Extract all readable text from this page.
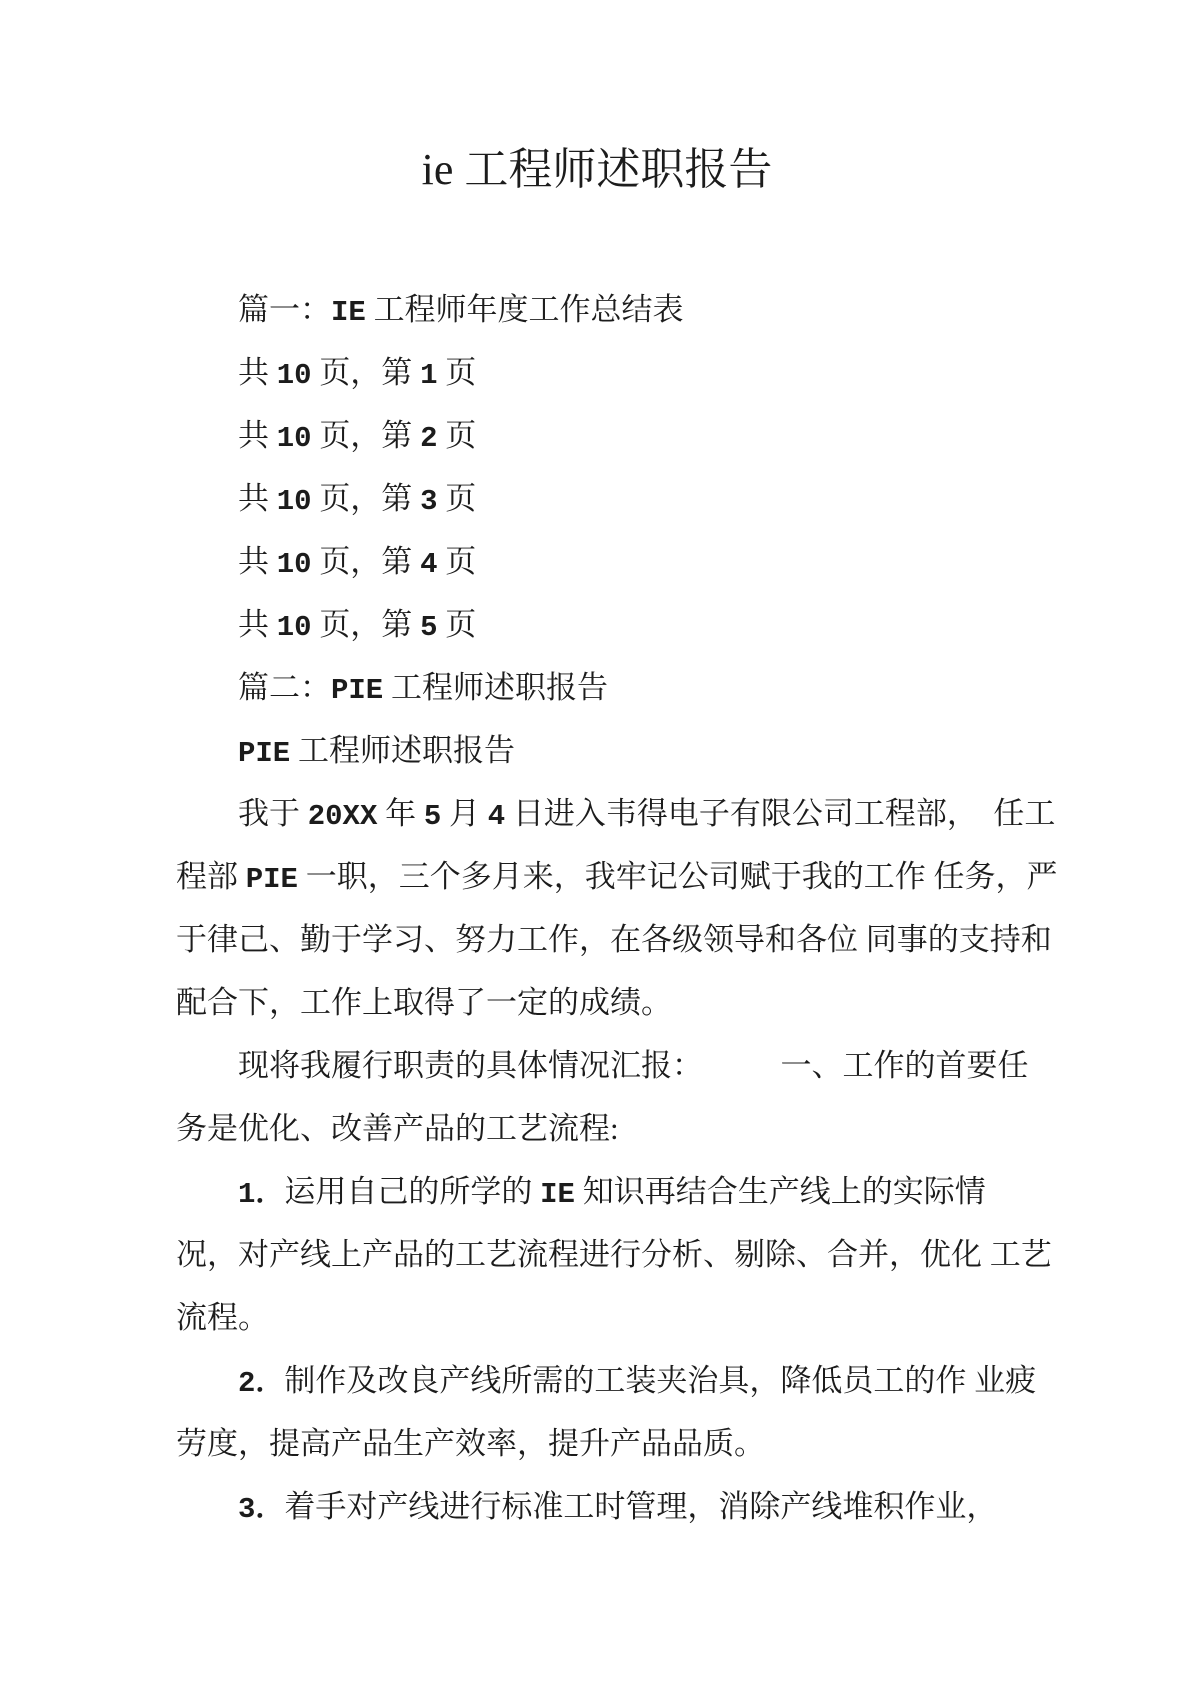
ie 工程师述职报告
篇一：IE 工程师年度工作总结表
共 10 页，第 1 页
共 10 页，第 2 页
共 10 页，第 3 页
共 10 页，第 4 页
共 10 页，第 5 页
篇二：PIE 工程师述职报告
PIE 工程师述职报告
我于 20XX 年 5 月 4 日进入韦得电子有限公司工程部，　任工
程部 PIE 一职，三个多月来，我牢记公司赋于我的工作 任务，严
于律己、勤于学习、努力工作，在各级领导和各位 同事的支持和
配合下，工作上取得了一定的成绩。
现将我履行职责的具体情况汇报：　　　一、工作的首要任
务是优化、改善产品的工艺流程:
1．运用自己的所学的 IE 知识再结合生产线上的实际情
况，对产线上产品的工艺流程进行分析、剔除、合并，优化 工艺
流程。
2．制作及改良产线所需的工装夹治具，降低员工的作 业疲
劳度，提高产品生产效率，提升产品品质。
3．着手对产线进行标准工时管理，消除产线堆积作业，
